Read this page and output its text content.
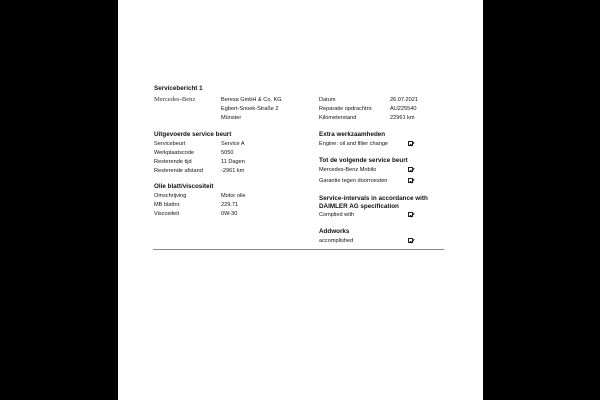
Servicebericht 1
Mercedes-Benz	Beresa GmbH & Co. KG
Egbert-Snoek-Straße 2
Münster
Datum	26.07.2021
Reparatie opdrachtnr.	AU225540
Kilometerstand	22961 km
Uitgevoerde service beurt
Servicebeurt	Service A
Werkplaatscode	5050
Resterende tijd	11 Dagen
Resterende afstand	-2961 km
Olie blatt/viscositeit
Omschrijving	Motor olie
MB blattnr.	229.71
Viscositeit	0W-30
Extra werkzaamheden
Engine: oil and filter change
Tot de volgende service beurt
Mercedes-Benz Mobilo
Garantie tegen doorroesten
Service-intervals in accordance with
DAIMLER AG specification
Complied with
Addworks
accomplished
